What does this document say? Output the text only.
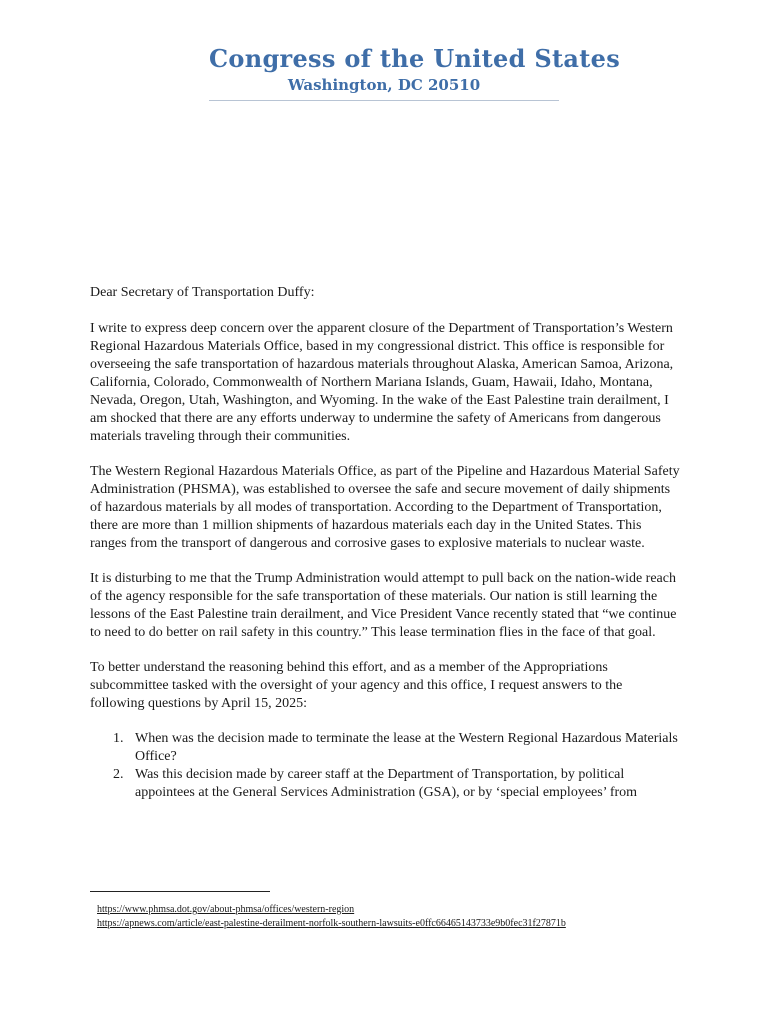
Congress of the United States
Washington, DC 20510

Dear Secretary of Transportation Duffy:

I write to express deep concern over the apparent closure of the Department of Transportation’s Western Regional Hazardous Materials Office, based in my congressional district. This office is responsible for overseeing the safe transportation of hazardous materials throughout Alaska, American Samoa, Arizona, California, Colorado, Commonwealth of Northern Mariana Islands, Guam, Hawaii, Idaho, Montana, Nevada, Oregon, Utah, Washington, and Wyoming. In the wake of the East Palestine train derailment, I am shocked that there are any efforts underway to undermine the safety of Americans from dangerous materials traveling through their communities.

The Western Regional Hazardous Materials Office, as part of the Pipeline and Hazardous Material Safety Administration (PHSMA), was established to oversee the safe and secure movement of daily shipments of hazardous materials by all modes of transportation. According to the Department of Transportation, there are more than 1 million shipments of hazardous materials each day in the United States. This ranges from the transport of dangerous and corrosive gases to explosive materials to nuclear waste.

It is disturbing to me that the Trump Administration would attempt to pull back on the nation-wide reach of the agency responsible for the safe transportation of these materials. Our nation is still learning the lessons of the East Palestine train derailment, and Vice President Vance recently stated that “we continue to need to do better on rail safety in this country.” This lease termination flies in the face of that goal.

To better understand the reasoning behind this effort, and as a member of the Appropriations subcommittee tasked with the oversight of your agency and this office, I request answers to the following questions by April 15, 2025:

1. When was the decision made to terminate the lease at the Western Regional Hazardous Materials Office?
2. Was this decision made by career staff at the Department of Transportation, by political appointees at the General Services Administration (GSA), or by ‘special employees’ from
https://www.phmsa.dot.gov/about-phmsa/offices/western-region
https://apnews.com/article/east-palestine-derailment-norfolk-southern-lawsuits-e0ffc66465143733e9b0fec31f27871b
